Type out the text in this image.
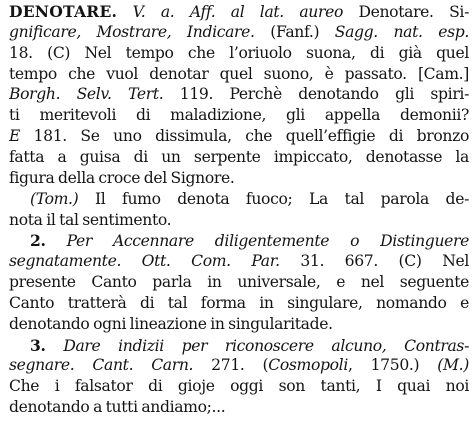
DENOTARE. V. a. Aff. al lat. aureo Denotare. Si-
gnificare, Mostrare, Indicare. (Fanf.) Sagg. nat. esp.
18. (C) Nel tempo che l’oriuolo suona, di già quel
tempo che vuol denotar quel suono, è passato. [Cam.]
Borgh. Selv. Tert. 119. Perchè denotando gli spiri-
ti meritevoli di maladizione, gli appella demonii?
E 181. Se uno dissimula, che quell’effigie di bronzo
fatta a guisa di un serpente impiccato, denotasse la
figura della croce del Signore.
(Tom.) Il fumo denota fuoco; La tal parola de-
nota il tal sentimento.
2. Per Accennare diligentemente o Distinguere
segnatamente. Ott. Com. Par. 31. 667. (C) Nel
presente Canto parla in universale, e nel seguente
Canto tratterà di tal forma in singulare, nomando e
denotando ogni lineazione in singularitade.
3. Dare indizii per riconoscere alcuno, Contras-
segnare. Cant. Carn. 271. (Cosmopoli, 1750.) (M.)
Che i falsator di gioje oggi son tanti, I quai noi
denotando a tutti andiamo;...
